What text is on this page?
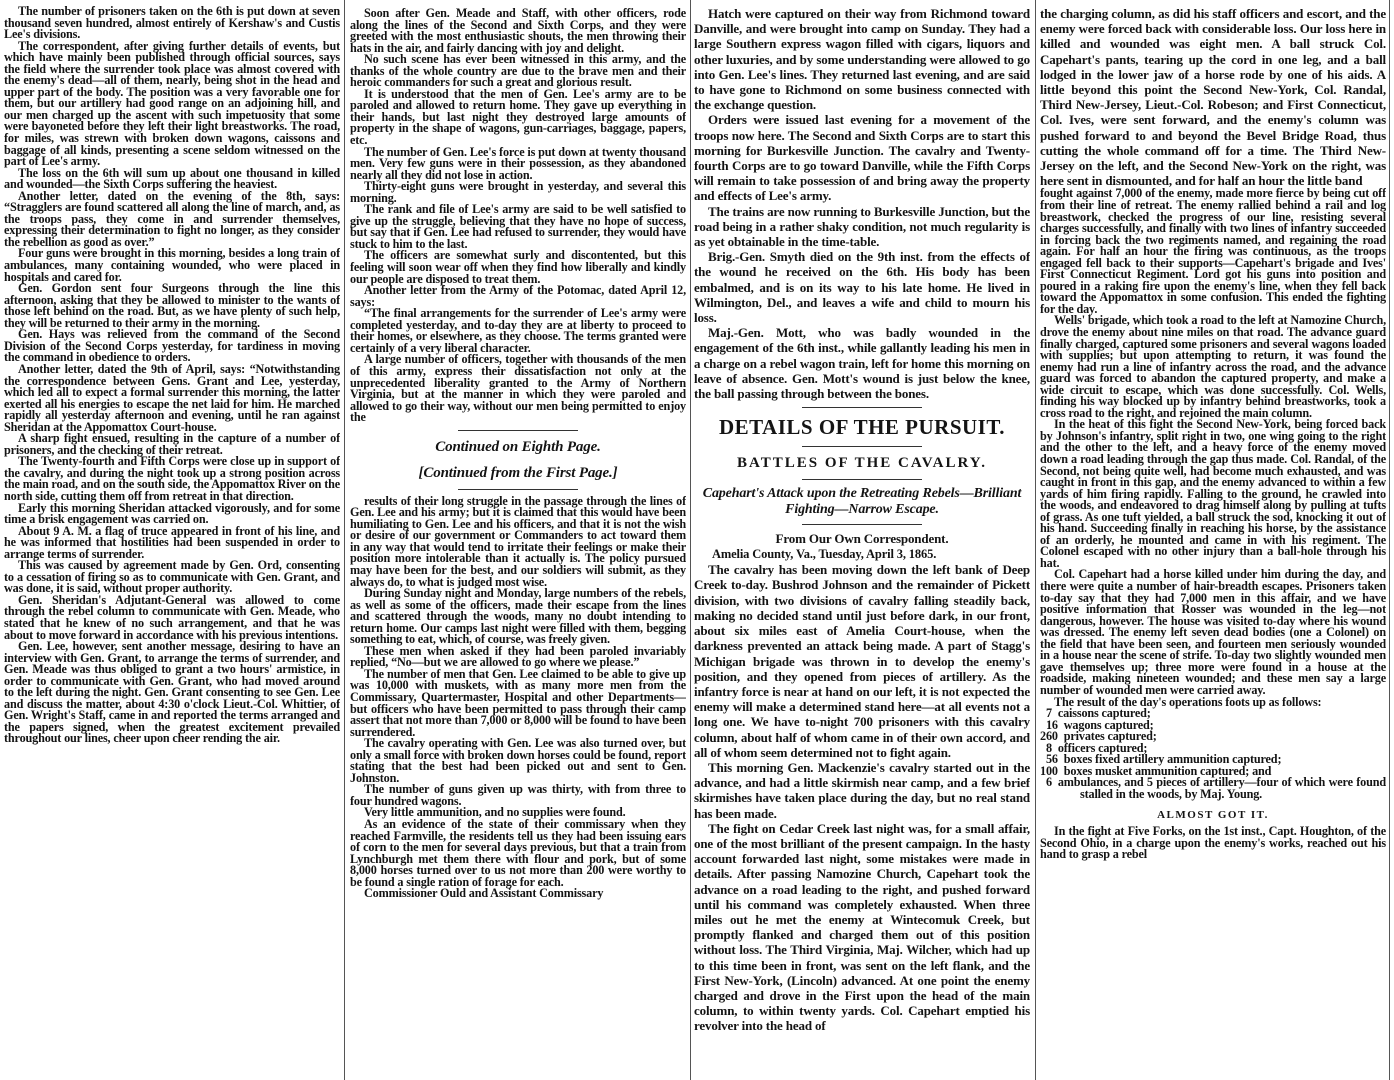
The number of prisoners taken on the 6th is put down at seven thousand seven hundred, almost entirely of Kershaw's and Custis Lee's divisions.

The correspondent, after giving further details of events, but which have mainly been published through official sources, says the field where the surrender took place was almost covered with the enemy's dead—all of them, nearly, being shot in the head and upper part of the body. The position was a very favorable one for them, but our artillery had good range on an adjoining hill, and our men charged up the ascent with such impetuosity that some were bayoneted before they left their light breastworks. The road, for miles, was strewn with broken down wagons, caissons and baggage of all kinds, presenting a scene seldom witnessed on the part of Lee's army.

The loss on the 6th will sum up about one thousand in killed and wounded—the Sixth Corps suffering the heaviest.

Another letter, dated on the evening of the 8th, says: “Stragglers are found scattered all along the line of march, and, as the troops pass, they come in and surrender themselves, expressing their determination to fight no longer, as they consider the rebellion as good as over.”

Four guns were brought in this morning, besides a long train of ambulances, many containing wounded, who were placed in hospitals and cared for.

Gen. Gordon sent four Surgeons through the line this afternoon, asking that they be allowed to minister to the wants of those left behind on the road. But, as we have plenty of such help, they will be returned to their army in the morning.

Gen. Hays was relieved from the command of the Second Division of the Second Corps yesterday, for tardiness in moving the command in obedience to orders.

Another letter, dated the 9th of April, says: “Notwithstanding the correspondence between Gens. Grant and Lee, yesterday, which led all to expect a formal surrender this morning, the latter exerted all his energies to escape the net laid for him. He marched rapidly all yesterday afternoon and evening, until he ran against Sheridan at the Appomattox Court-house.

A sharp fight ensued, resulting in the capture of a number of prisoners, and the checking of their retreat.

The Twenty-fourth and Fifth Corps were close up in support of the cavalry, and during the night took up a strong position across the main road, and on the south side, the Appomattox River on the north side, cutting them off from retreat in that direction.

Early this morning Sheridan attacked vigorously, and for some time a brisk engagement was carried on.

About 9 A. M. a flag of truce appeared in front of his line, and he was informed that hostilities had been suspended in order to arrange terms of surrender.

This was caused by agreement made by Gen. Ord, consenting to a cessation of firing so as to communicate with Gen. Grant, and was done, it is said, without proper authority.

Gen. Sheridan's Adjutant-General was allowed to come through the rebel column to communicate with Gen. Meade, who stated that he knew of no such arrangement, and that he was about to move forward in accordance with his previous intentions.

Gen. Lee, however, sent another message, desiring to have an interview with Gen. Grant, to arrange the terms of surrender, and Gen. Meade was thus obliged to grant a two hours' armistice, in order to communicate with Gen. Grant, who had moved around to the left during the night. Gen. Grant consenting to see Gen. Lee and discuss the matter, about 4:30 o'clock Lieut.-Col. Whittier, of Gen. Wright's Staff, came in and reported the terms arranged and the papers signed, when the greatest excitement prevailed throughout our lines, cheer upon cheer rending the air.

Soon after Gen. Meade and Staff, with other officers, rode along the lines of the Second and Sixth Corps, and they were greeted with the most enthusiastic shouts, the men throwing their hats in the air, and fairly dancing with joy and delight.

No such scene has ever been witnessed in this army, and the thanks of the whole country are due to the brave men and their heroic commanders for such a great and glorious result.

It is understood that the men of Gen. Lee's army are to be paroled and allowed to return home. They gave up everything in their hands, but last night they destroyed large amounts of property in the shape of wagons, gun-carriages, baggage, papers, etc.

The number of Gen. Lee's force is put down at twenty thousand men. Very few guns were in their possession, as they abandoned nearly all they did not lose in action.

Thirty-eight guns were brought in yesterday, and several this morning.

The rank and file of Lee's army are said to be well satisfied to give up the struggle, believing that they have no hope of success, but say that if Gen. Lee had refused to surrender, they would have stuck to him to the last.

The officers are somewhat surly and discontented, but this feeling will soon wear off when they find how liberally and kindly our people are disposed to treat them.

Another letter from the Army of the Potomac, dated April 12, says:

“The final arrangements for the surrender of Lee's army were completed yesterday, and to-day they are at liberty to proceed to their homes, or elsewhere, as they choose. The terms granted were certainly of a very liberal character.

A large number of officers, together with thousands of the men of this army, express their dissatisfaction not only at the unprecedented liberality granted to the Army of Northern Virginia, but at the manner in which they were paroled and allowed to go their way, without our men being permitted to enjoy the

Continued on Eighth Page.

[Continued from the First Page.]

results of their long struggle in the passage through the lines of Gen. Lee and his army; but it is claimed that this would have been humiliating to Gen. Lee and his officers, and that it is not the wish or desire of our government or Commanders to act toward them in any way that would tend to irritate their feelings or make their position more intolerable than it actually is. The policy pursued may have been for the best, and our soldiers will submit, as they always do, to what is judged most wise.

During Sunday night and Monday, large numbers of the rebels, as well as some of the officers, made their escape from the lines and scattered through the woods, many no doubt intending to return home. Our camps last night were filled with them, begging something to eat, which, of course, was freely given.

These men when asked if they had been paroled invariably replied, “No—but we are allowed to go where we please.”

The number of men that Gen. Lee claimed to be able to give up was 10,000 with muskets, with as many more men from the Commissary, Quartermaster, Hospital and other Departments—but officers who have been permitted to pass through their camp assert that not more than 7,000 or 8,000 will be found to have been surrendered.

The cavalry operating with Gen. Lee was also turned over, but only a small force with broken down horses could be found, report stating that the best had been picked out and sent to Gen. Johnston.

The number of guns given up was thirty, with from three to four hundred wagons.

Very little ammunition, and no supplies were found.

As an evidence of the state of their commissary when they reached Farmville, the residents tell us they had been issuing ears of corn to the men for several days previous, but that a train from Lynchburgh met them there with flour and pork, but of some 8,000 horses turned over to us not more than 200 were worthy to be found a single ration of forage for each.

Commissioner Ould and Assistant Commissary

Hatch were captured on their way from Richmond toward Danville, and were brought into camp on Sunday. They had a large Southern express wagon filled with cigars, liquors and other luxuries, and by some understanding were allowed to go into Gen. Lee's lines. They returned last evening, and are said to have gone to Richmond on some business connected with the exchange question.

Orders were issued last evening for a movement of the troops now here. The Second and Sixth Corps are to start this morning for Burkesville Junction. The cavalry and Twenty-fourth Corps are to go toward Danville, while the Fifth Corps will remain to take possession of and bring away the property and effects of Lee's army.

The trains are now running to Burkesville Junction, but the road being in a rather shaky condition, not much regularity is as yet obtainable in the time-table.

Brig.-Gen. Smyth died on the 9th inst. from the effects of the wound he received on the 6th. His body has been embalmed, and is on its way to his late home. He lived in Wilmington, Del., and leaves a wife and child to mourn his loss.

Maj.-Gen. Mott, who was badly wounded in the engagement of the 6th inst., while gallantly leading his men in a charge on a rebel wagon train, left for home this morning on leave of absence. Gen. Mott's wound is just below the knee, the ball passing through between the bones.

DETAILS OF THE PURSUIT.

BATTLES OF THE CAVALRY.

Capehart's Attack upon the Retreating Rebels—Brilliant Fighting—Narrow Escape.

From Our Own Correspondent.

Amelia County, Va., Tuesday, April 3, 1865.

The cavalry has been moving down the left bank of Deep Creek to-day. Bushrod Johnson and the remainder of Pickett division, with two divisions of cavalry falling steadily back, making no decided stand until just before dark, in our front, about six miles east of Amelia Court-house, when the darkness prevented an attack being made. A part of Stagg's Michigan brigade was thrown in to develop the enemy's position, and they opened from pieces of artillery. As the infantry force is near at hand on our left, it is not expected the enemy will make a determined stand here—at all events not a long one. We have to-night 700 prisoners with this cavalry column, about half of whom came in of their own accord, and all of whom seem determined not to fight again.

This morning Gen. Mackenzie's cavalry started out in the advance, and had a little skirmish near camp, and a few brief skirmishes have taken place during the day, but no real stand has been made.

The fight on Cedar Creek last night was, for a small affair, one of the most brilliant of the present campaign. In the hasty account forwarded last night, some mistakes were made in details. After passing Namozine Church, Capehart took the advance on a road leading to the right, and pushed forward until his command was completely exhausted. When three miles out he met the enemy at Wintecomuk Creek, but promptly flanked and charged them out of this position without loss. The Third Virginia, Maj. Wilcher, which had up to this time been in front, was sent on the left flank, and the First New-York, (Lincoln) advanced. At one point the enemy charged and drove in the First upon the head of the main column, to within twenty yards. Col. Capehart emptied his revolver into the head of

the charging column, as did his staff officers and escort, and the enemy were forced back with considerable loss. Our loss here in killed and wounded was eight men. A ball struck Col. Capehart's pants, tearing up the cord in one leg, and a ball lodged in the lower jaw of a horse rode by one of his aids. A little beyond this point the Second New-York, Col. Randal, Third New-Jersey, Lieut.-Col. Robeson; and First Connecticut, Col. Ives, were sent forward, and the enemy's column was pushed forward to and beyond the Bevel Bridge Road, thus cutting the whole command off for a time. The Third New-Jersey on the left, and the Second New-York on the right, was here sent in dismounted, and for half an hour the little band

fought against 7,000 of the enemy, made more fierce by being cut off from their line of retreat. The enemy rallied behind a rail and log breastwork, checked the progress of our line, resisting several charges successfully, and finally with two lines of infantry succeeded in forcing back the two regiments named, and regaining the road again. For half an hour the firing was continuous, as the troops engaged fell back to their supports—Capehart's brigade and Ives' First Connecticut Regiment. Lord got his guns into position and poured in a raking fire upon the enemy's line, when they fell back toward the Appomattox in some confusion. This ended the fighting for the day.

Wells' brigade, which took a road to the left at Namozine Church, drove the enemy about nine miles on that road. The advance guard finally charged, captured some prisoners and several wagons loaded with supplies; but upon attempting to return, it was found the enemy had run a line of infantry across the road, and the advance guard was forced to abandon the captured property, and make a wide circuit to escape, which was done successfully. Col. Wells, finding his way blocked up by infantry behind breastworks, took a cross road to the right, and rejoined the main column.

In the heat of this fight the Second New-York, being forced back by Johnson's infantry, split right in two, one wing going to the right and the other to the left, and a heavy force of the enemy moved down a road leading through the gap thus made. Col. Randal, of the Second, not being quite well, had become much exhausted, and was caught in front in this gap, and the enemy advanced to within a few yards of him firing rapidly. Falling to the ground, he crawled into the woods, and endeavored to drag himself along by pulling at tufts of grass. As one tuft yielded, a ball struck the sod, knocking it out of his hand. Succeeding finally in reaching his horse, by the assistance of an orderly, he mounted and came in with his regiment. The Colonel escaped with no other injury than a ball-hole through his hat.

Col. Capehart had a horse killed under him during the day, and there were quite a number of hair-breadth escapes. Prisoners taken to-day say that they had 7,000 men in this affair, and we have positive information that Rosser was wounded in the leg—not dangerous, however. The house was visited to-day where his wound was dressed. The enemy left seven dead bodies (one a Colonel) on the field that have been seen, and fourteen men seriously wounded in a house near the scene of strife. To-day two slightly wounded men gave themselves up; three more were found in a house at the roadside, making nineteen wounded; and these men say a large number of wounded men were carried away.

The result of the day's operations foots up as follows:

 7 caissons captured;

 16 wagons captured;

260 privates captured;

 8 officers captured;

 56 boxes fixed artillery ammunition captured;

100 boxes musket ammunition captured; and

 6 ambulances, and 5 pieces of artillery—four of which were found stalled in the woods, by Maj. Young.

ALMOST GOT IT.

In the fight at Five Forks, on the 1st inst., Capt. Houghton, of the Second Ohio, in a charge upon the enemy's works, reached out his hand to grasp a rebel
